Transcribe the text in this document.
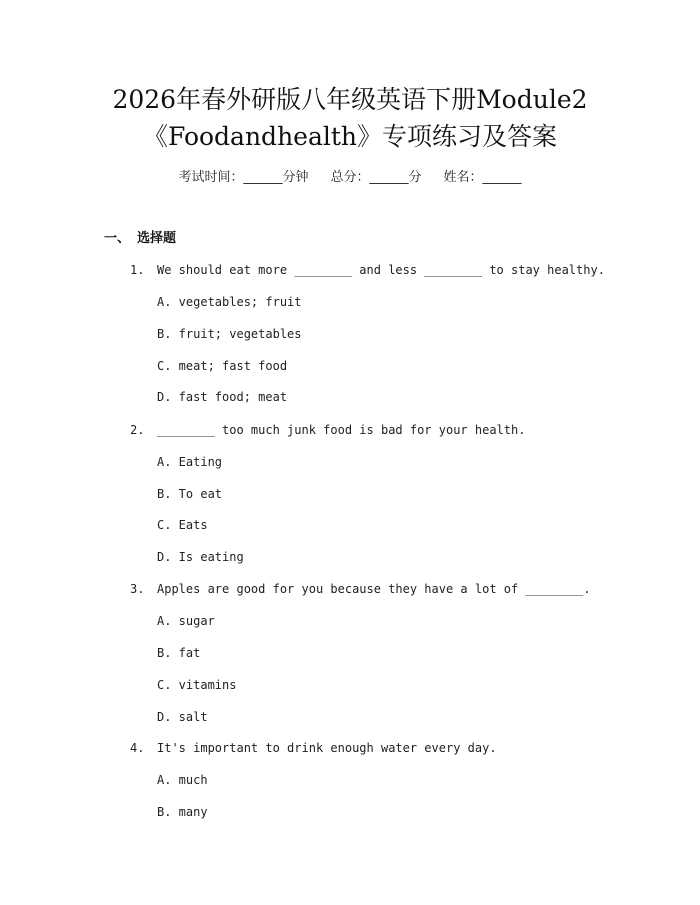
2026年春外研版八年级英语下册Module2
《Foodandhealth》专项练习及答案
考试时间：______分钟 总分：______分 姓名：______
一、 选择题
1. We should eat more ________ and less ________ to stay healthy.
A. vegetables; fruit
B. fruit; vegetables
C. meat; fast food
D. fast food; meat
2. ________ too much junk food is bad for your health.
A. Eating
B. To eat
C. Eats
D. Is eating
3. Apples are good for you because they have a lot of ________.
A. sugar
B. fat
C. vitamins
D. salt
4. It's important to drink enough water every day.
A. much
B. many
